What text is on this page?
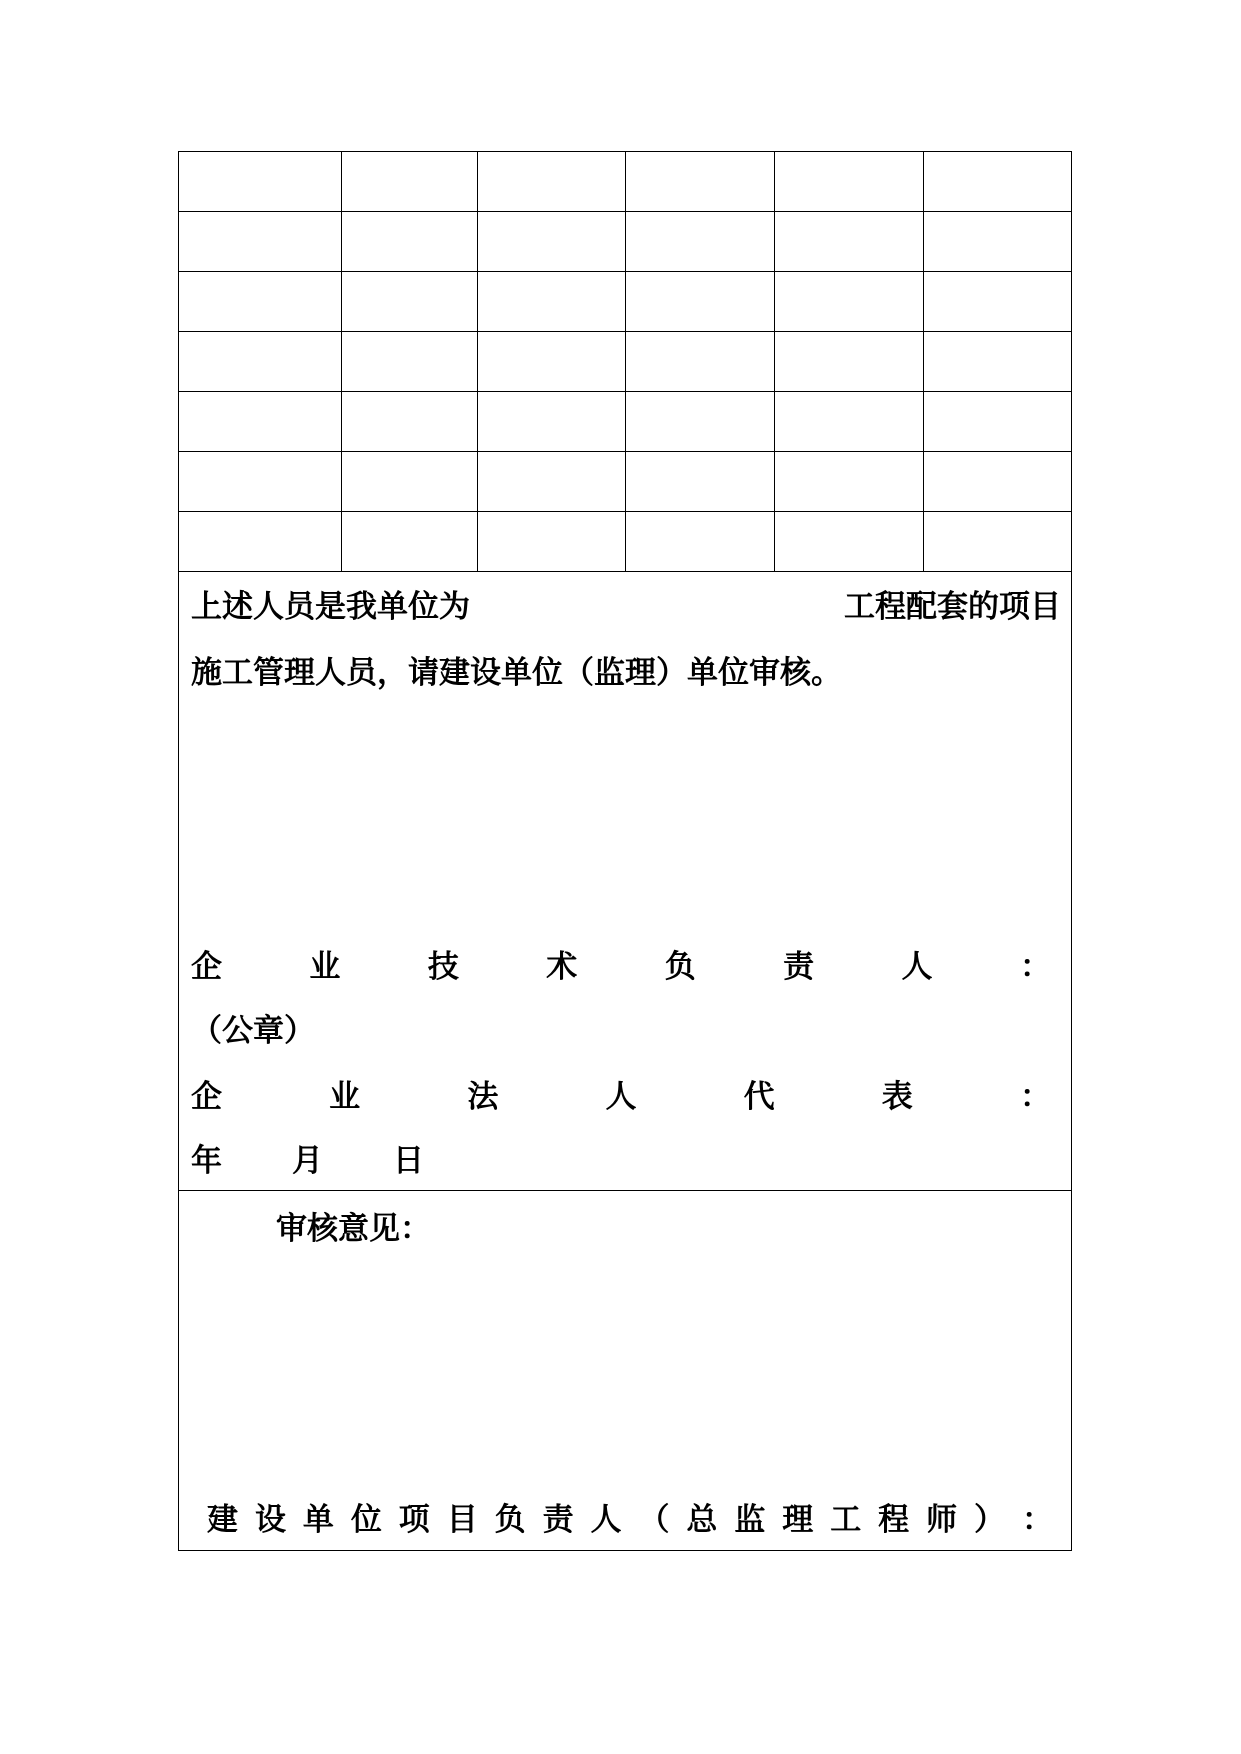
上述人员是我单位为	工程配套的项目
施工管理人员，请建设单位（监理）单位审核。
企	业	技	术	负	责	人	：
（公章）
企	业	法	人	代	表	：
年 月 日
审核意见：
建 设 单 位 项 目 负 责 人 （ 总 监 理 工 程 师 ） ：
